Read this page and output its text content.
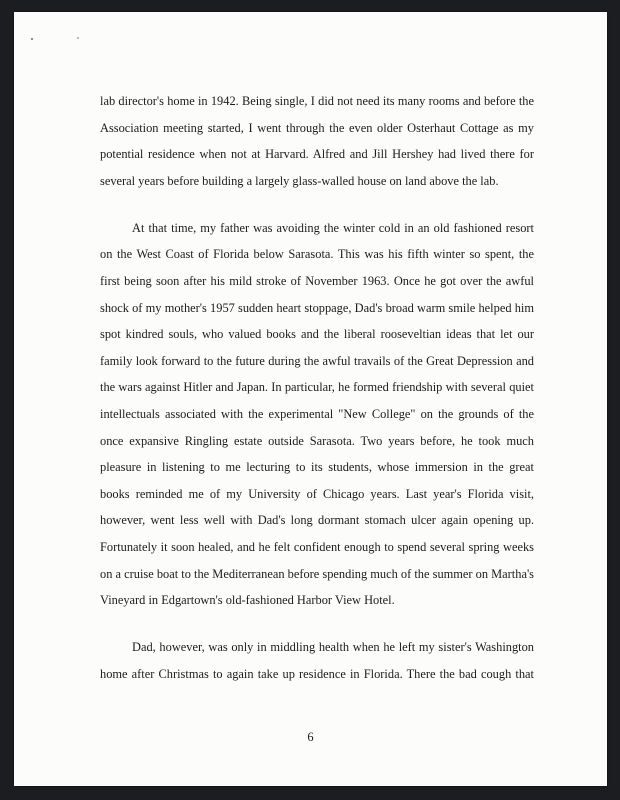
lab director's home in 1942. Being single, I did not need its many rooms and before the Association meeting started, I went through the even older Osterhaut Cottage as my potential residence when not at Harvard. Alfred and Jill Hershey had lived there for several years before building a largely glass-walled house on land above the lab.

At that time, my father was avoiding the winter cold in an old fashioned resort on the West Coast of Florida below Sarasota. This was his fifth winter so spent, the first being soon after his mild stroke of November 1963. Once he got over the awful shock of my mother's 1957 sudden heart stoppage, Dad's broad warm smile helped him spot kindred souls, who valued books and the liberal rooseveltian ideas that let our family look forward to the future during the awful travails of the Great Depression and the wars against Hitler and Japan. In particular, he formed friendship with several quiet intellectuals associated with the experimental "New College" on the grounds of the once expansive Ringling estate outside Sarasota. Two years before, he took much pleasure in listening to me lecturing to its students, whose immersion in the great books reminded me of my University of Chicago years. Last year's Florida visit, however, went less well with Dad's long dormant stomach ulcer again opening up. Fortunately it soon healed, and he felt confident enough to spend several spring weeks on a cruise boat to the Mediterranean before spending much of the summer on Martha's Vineyard in Edgartown's old-fashioned Harbor View Hotel.

Dad, however, was only in middling health when he left my sister's Washington home after Christmas to again take up residence in Florida. There the bad cough that

6
